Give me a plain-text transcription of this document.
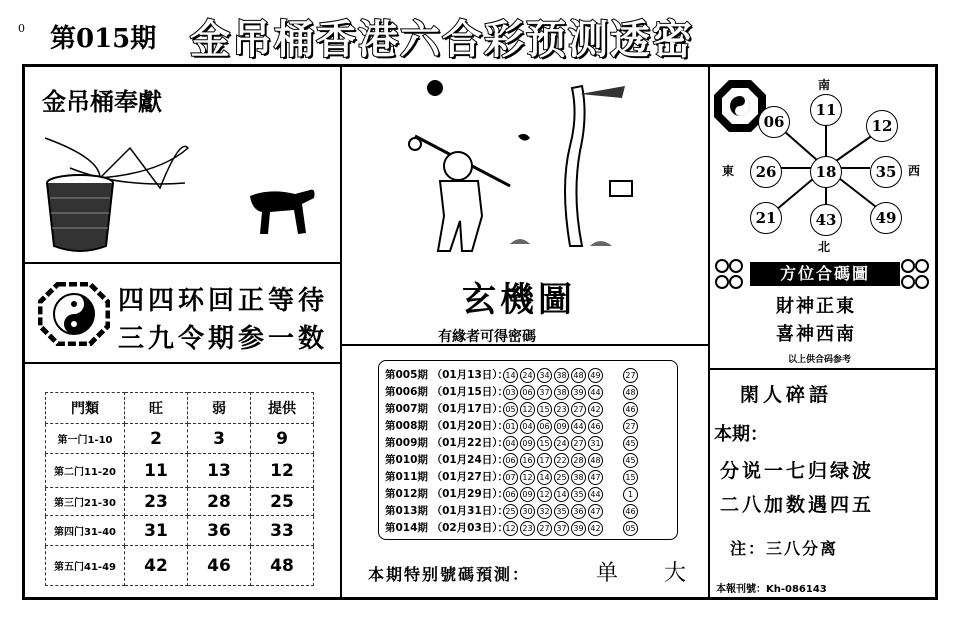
0 第015期 金吊桶香港六合彩预测透密
金吊桶奉獻
四四环回正等待
三九令期参一数
門類	旺	弱	提供
第一门1-10	2	3	9
第二门11-20	11	13	12
第三门21-30	23	28	25
第四门31-40	31	36	33
第五门41-49	42	46	48
玄機圖
有緣者可得密碼
第005期 （01月13日）：14 24 34 38 48 49	27
第006期 （01月15日）：03 06 37 38 39 44	48
第007期 （01月17日）：05 12 15 23 27 42	46
第008期 （01月20日）：01 04 06 09 44 46	27
第009期 （01月22日）：04 09 15 24 27 31	45
第010期 （01月24日）：06 16 17 22 28 48	45
第011期 （01月27日）：07 12 14 25 38 47	15
第012期 （01月29日）：06 09 12 14 35 44	1
第013期 （01月31日）：25 30 32 35 36 47	46
第014期 （02月03日）：12 23 27 37 39 42	05
本期特别號碼預測：	单 大
南
北
東	西
11
12
35
49
43
21
26
06
18
方位合碼圖
財神正東
喜神西南
以上供合码参考
閑人碎語
本期：
分说一七归绿波
二八加数遇四五
注：三八分离
本報刊號：Kh-086143
